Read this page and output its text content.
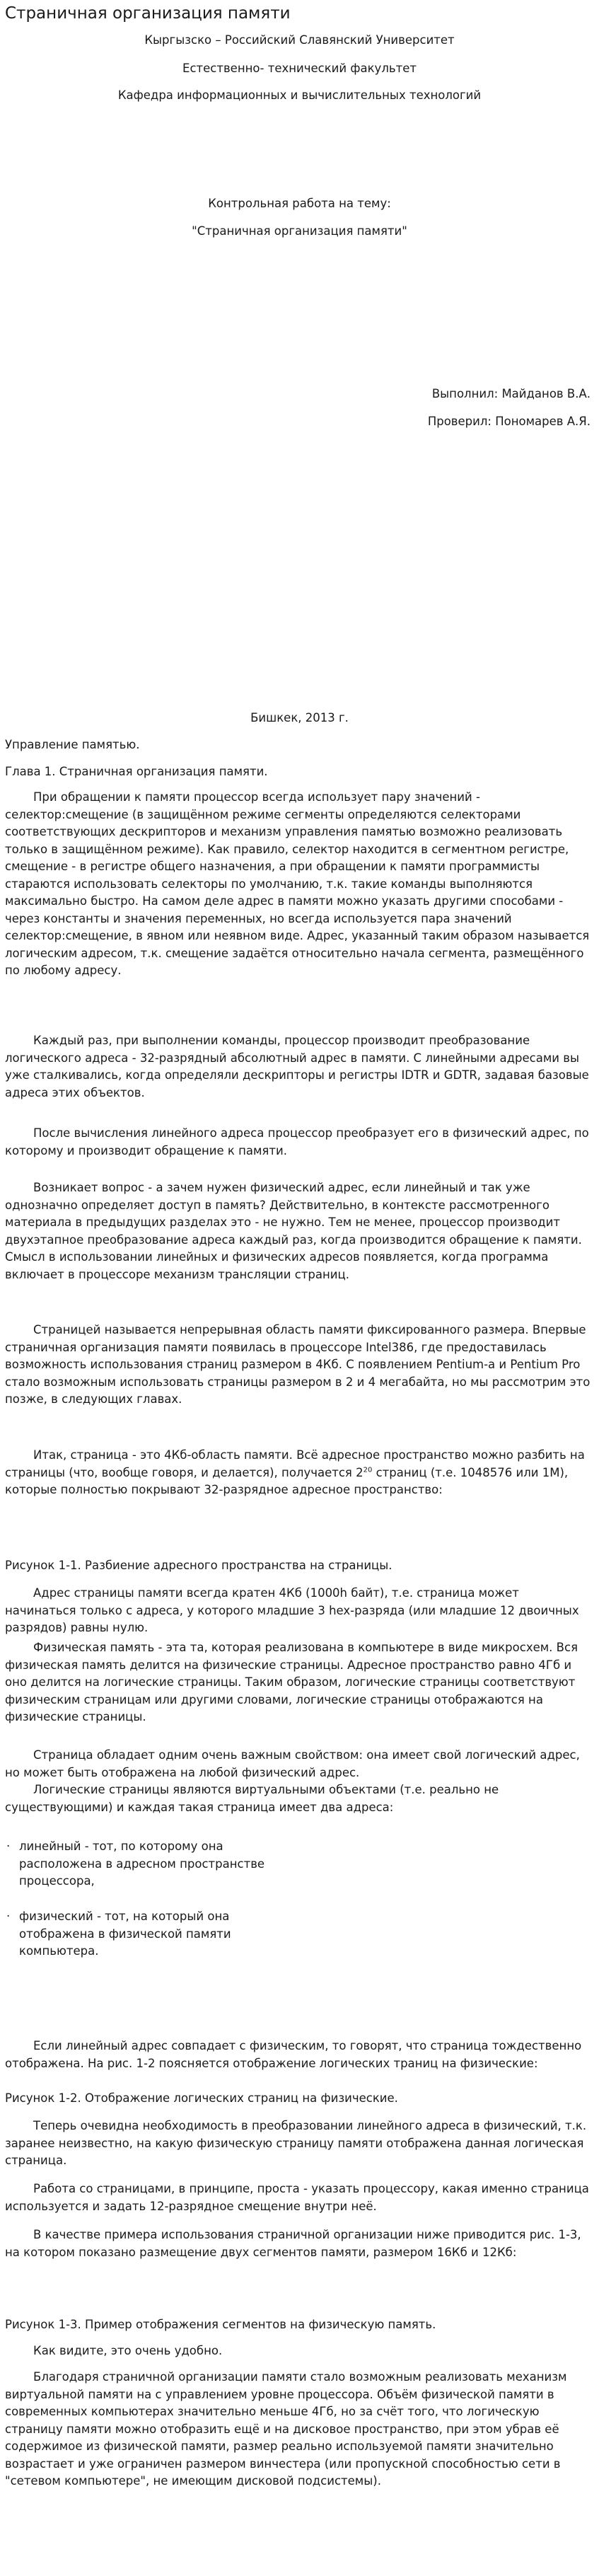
Страничная организация памяти
Кыргызско – Российский Славянский Университет
Естественно- технический факультет
Кафедра информационных и вычислительных технологий
Контрольная работа на тему:
"Страничная организация памяти"
Выполнил: Майданов В.А.
Проверил: Пономарев А.Я.
Бишкек, 2013 г.
Управление памятью.
Глава 1. Страничная организация памяти.

При обращении к памяти процессор всегда использует пару значений - селектор:смещение (в защищённом режиме сегменты определяются селекторами соответствующих дескрипторов и механизм управления памятью возможно реализовать только в защищённом режиме). Как правило, селектор находится в сегментном регистре, смещение - в регистре общего назначения, а при обращении к памяти программисты стараются использовать селекторы по умолчанию, т.к. такие команды выполняются максимально быстро. На самом деле адрес в памяти можно указать другими способами - через константы и значения переменных, но всегда используется пара значений селектор:смещение, в явном или неявном виде. Адрес, указанный таким образом называется логическим адресом, т.к. смещение задаётся относительно начала сегмента, размещённого по любому адресу.

Каждый раз, при выполнении команды, процессор производит преобразование логического адреса - 32-разрядный абсолютный адрес в памяти. С линейными адресами вы уже сталкивались, когда определяли дескрипторы и регистры IDTR и GDTR, задавая базовые адреса этих объектов.

После вычисления линейного адреса процессор преобразует его в физический адрес, по которому и производит обращение к памяти.

Возникает вопрос - а зачем нужен физический адрес, если линейный и так уже однозначно определяет доступ в память? Действительно, в контексте рассмотренного материала в предыдущих разделах это - не нужно. Тем не менее, процессор производит двухэтапное преобразование адреса каждый раз, когда производится обращение к памяти. Смысл в использовании линейных и физических адресов появляется, когда программа включает в процессоре механизм трансляции страниц.

Страницей называется непрерывная область памяти фиксированного размера. Впервые страничная организация памяти появилась в процессоре Intel386, где предоставилась возможность использования страниц размером в 4Кб. С появлением Pentium-а и Pentium Pro стало возможным использовать страницы размером в 2 и 4 мегабайта, но мы рассмотрим это позже, в следующих главах.

Итак, страница - это 4Кб-область памяти. Всё адресное пространство можно разбить на страницы (что, вообще говоря, и делается), получается $2^{20}$ страниц (т.е. 1048576 или 1М), которые полностью покрывают 32-разрядное адресное пространство:

Рисунок 1-1. Разбиение адресного пространства на страницы.

Адрес страницы памяти всегда кратен 4Кб (1000h байт), т.е. страница может начинаться только с адреса, у которого младшие 3 hex-разряда (или младшие 12 двоичных разрядов) равны нулю.

Физическая память - эта та, которая реализована в компьютере в виде микросхем. Вся физическая память делится на физические страницы. Адресное пространство равно 4Гб и оно делится на логические страницы. Таким образом, логические страницы соответствуют физическим страницам или другими словами, логические страницы отображаются на физические страницы.

Страница обладает одним очень важным свойством: она имеет свой логический адрес, но может быть отображена на любой физический адрес.

Логические страницы являются виртуальными объектами (т.е. реально не существующими) и каждая такая страница имеет два адреса:

· линейный - тот, по которому она расположена в адресном пространстве процессора,
· физический - тот, на который она отображена в физической памяти компьютера.

Если линейный адрес совпадает с физическим, то говорят, что страница тождественно отображена. На рис. 1-2 поясняется отображение логических траниц на физические:

Рисунок 1-2. Отображение логических страниц на физические.

Теперь очевидна необходимость в преобразовании линейного адреса в физический, т.к. заранее неизвестно, на какую физическую страницу памяти отображена данная логическая страница.

Работа со страницами, в принципе, проста - указать процессору, какая именно страница используется и задать 12-разрядное смещение внутри неё.

В качестве примера использования страничной организации ниже приводится рис. 1-3, на котором показано размещение двух сегментов памяти, размером 16Кб и 12Кб:

Рисунок 1-3. Пример отображения сегментов на физическую память.

Как видите, это очень удобно.

Благодаря страничной организации памяти стало возможным реализовать механизм виртуальной памяти на с управлением уровне процессора. Объём физической памяти в современных компьютерах значительно меньше 4Гб, но за счёт того, что логическую страницу памяти можно отобразить ещё и на дисковое пространство, при этом убрав её содержимое из физической памяти, размер реально используемой памяти значительно возрастает и уже ограничен размером винчестера (или пропускной способностью сети в "сетевом компьютере", не имеющим дисковой подсистемы).
